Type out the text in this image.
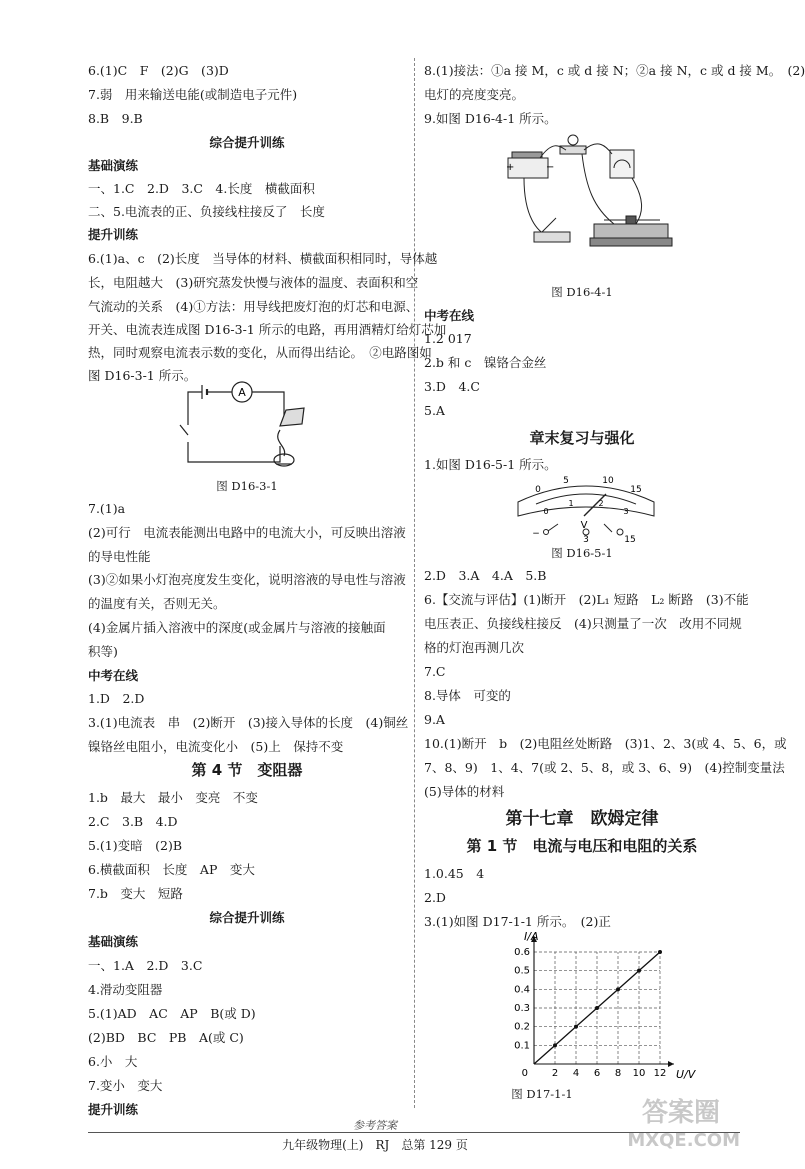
6.(1)C　F　(2)G　(3)D
7.弱　用来输送电能(或制造电子元件)
8.B　9.B
综合提升训练
基础演练
一、1.C　2.D　3.C　4.长度　横截面积
二、5.电流表的正、负接线柱接反了　长度
提升训练
6.(1)a、c　(2)长度　当导体的材料、横截面积相同时，导体越
长，电阻越大　(3)研究蒸发快慢与液体的温度、表面积和空
气流动的关系　(4)①方法：用导线把废灯泡的灯芯和电源、
开关、电流表连成图 D16-3-1 所示的电路，再用酒精灯给灯芯加
热，同时观察电流表示数的变化，从而得出结论。　②电路图如
图 D16-3-1 所示。
A
图 D16-3-1
7.(1)a
(2)可行　电流表能测出电路中的电流大小，可反映出溶液
的导电性能
(3)②如果小灯泡亮度发生变化，说明溶液的导电性与溶液
的温度有关，否则无关。
(4)金属片插入溶液中的深度(或金属片与溶液的接触面
积等)
中考在线
1.D　2.D
3.(1)电流表　串　(2)断开　(3)接入导体的长度　(4)铜丝
镍铬丝电阻小，电流变化小　(5)上　保持不变
第 4 节　变阻器
1.b　最大　最小　变亮　不变
2.C　3.B　4.D
5.(1)变暗　(2)B
6.横截面积　长度　AP　变大
7.b　变大　短路
综合提升训练
基础演练
一、1.A　2.D　3.C
4.滑动变阻器
5.(1)AD　AC　AP　B(或 D)
(2)BD　BC　PB　A(或 C)
6.小　大
7.变小　变大
提升训练
8.(1)接法：①a 接 M，c 或 d 接 N；②a 接 N，c 或 d 接 M。　(2)
电灯的亮度变亮。
9.如图 D16-4-1 所示。
+	−
图 D16-4-1
中考在线
1.2 017
2.b 和 c　镍铬合金丝
3.D　4.C
5.A
章末复习与强化
1.如图 D16-5-1 所示。
0
5	10
15
0
1	2
3
V
−
3	15
图 D16-5-1
2.D　3.A　4.A　5.B
6.【交流与评估】(1)断开　(2)L₁ 短路　L₂ 断路　(3)不能
电压表正、负接线柱接反　(4)只测量了一次　改用不同规
格的灯泡再测几次
7.C
8.导体　可变的
9.A
10.(1)断开　b　(2)电阻丝处断路　(3)1、2、3(或 4、5、6，或
7、8、9)　1、4、7(或 2、5、8，或 3、6、9)　(4)控制变量法
(5)导体的材料
第十七章　欧姆定律
第 1 节　电流与电压和电阻的关系
1.0.45　4
2.D
3.(1)如图 D17-1-1 所示。　(2)正
2 4 6 8 10 12
0.1
0.2
0.3
0.4
0.5
0.6
0
I/A
U/V
图 D17-1-1
参考答案
九年级物理(上)　RJ　总第 129 页
答案圈
MXQE.COM
